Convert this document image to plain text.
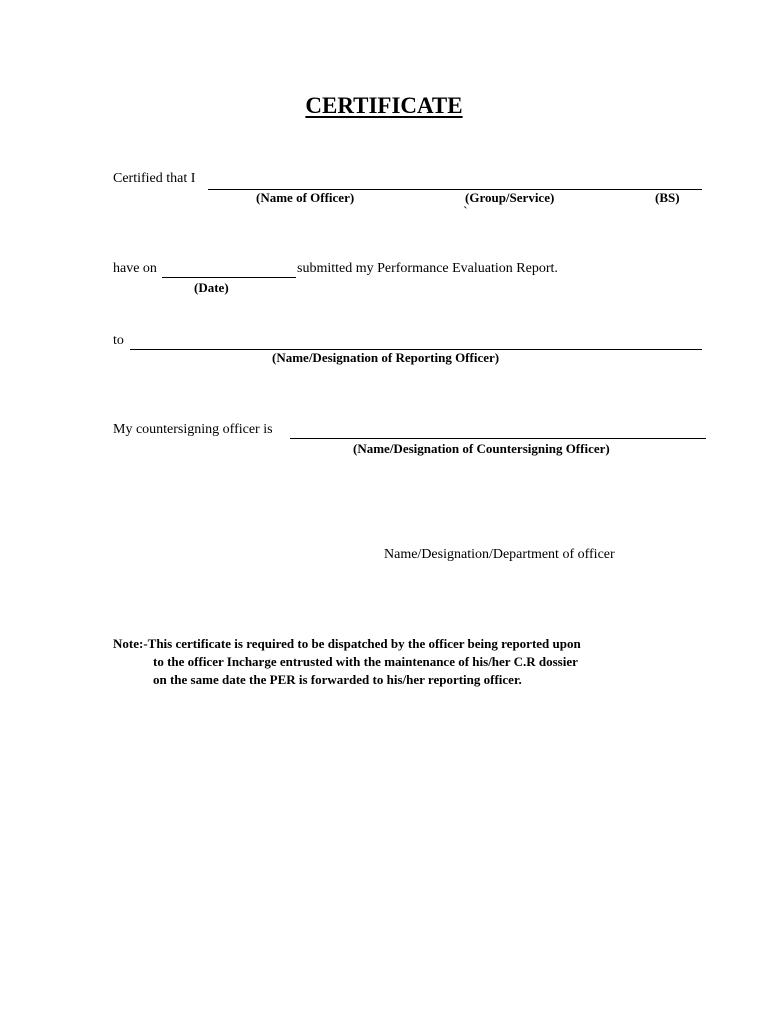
CERTIFICATE
Certified that I
(Name of Officer)	(Group/Service)	(BS)
`
have on	submitted my Performance Evaluation Report.
(Date)
to
(Name/Designation of Reporting Officer)
My countersigning officer is
(Name/Designation of Countersigning Officer)
Name/Designation/Department of officer
Note:-This certificate is required to be dispatched by the officer being reported upon
to the officer Incharge entrusted with the maintenance of his/her C.R dossier
on the same date the PER is forwarded to his/her reporting officer.
